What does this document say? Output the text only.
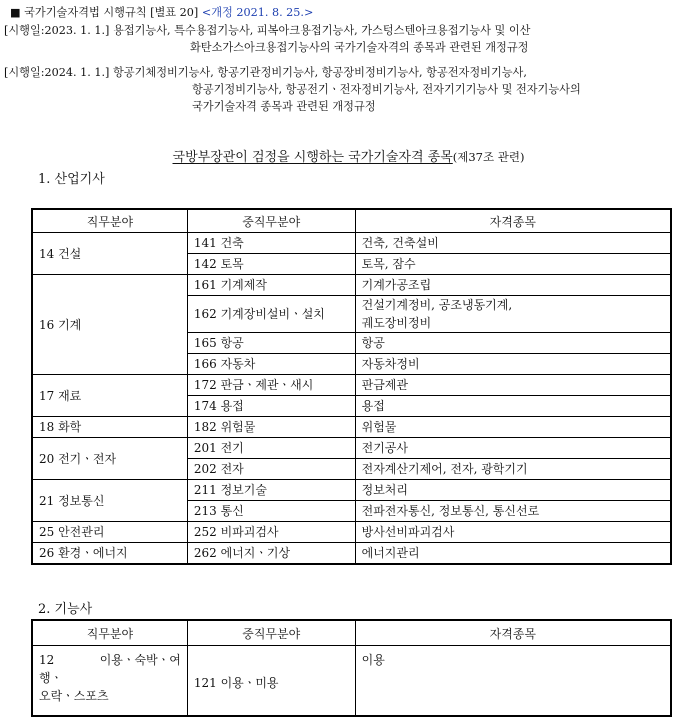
■ 국가기술자격법 시행규칙 [별표 20] <개정 2021. 8. 25.>
[시행일:2023. 1. 1.] 용접기능사, 특수용접기능사, 피복아크용접기능사, 가스텅스텐아크용접기능사 및 이산
화탄소가스아크용접기능사의 국가기술자격의 종목과 관련된 개정규정
[시행일:2024. 1. 1.] 항공기체정비기능사, 항공기관정비기능사, 항공장비정비기능사, 항공전자정비기능사,
항공기정비기능사, 항공전기ㆍ전자정비기능사, 전자기기기능사 및 전자기능사의
국가기술자격 종목과 관련된 개정규정
국방부장관이 검정을 시행하는 국가기술자격 종목(제37조 관련)
1. 산업기사
직무분야	중직무분야	자격종목
14 건설	141 건축	건축, 건축설비
	142 토목	토목, 잠수
16 기계	161 기계제작	기계가공조립
	162 기계장비설비ㆍ설치	건설기계정비, 공조냉동기계,
궤도장비정비
	165 항공	항공
	166 자동차	자동차정비
17 재료	172 판금ㆍ제관ㆍ새시	판금제관
	174 용접	용접
18 화학	182 위험물	위험물
20 전기ㆍ전자	201 전기	전기공사
	202 전자	전자계산기제어, 전자, 광학기기
21 정보통신	211 정보기술	정보처리
	213 통신	전파전자통신, 정보통신, 통신선로
25 안전관리	252 비파괴검사	방사선비파괴검사
26 환경ㆍ에너지	262 에너지ㆍ기상	에너지관리
2. 기능사
직무분야	중직무분야	자격종목

12 이용ㆍ숙박ㆍ여
행ㆍ
오락ㆍ스포츠	121 이용ㆍ미용	이용
